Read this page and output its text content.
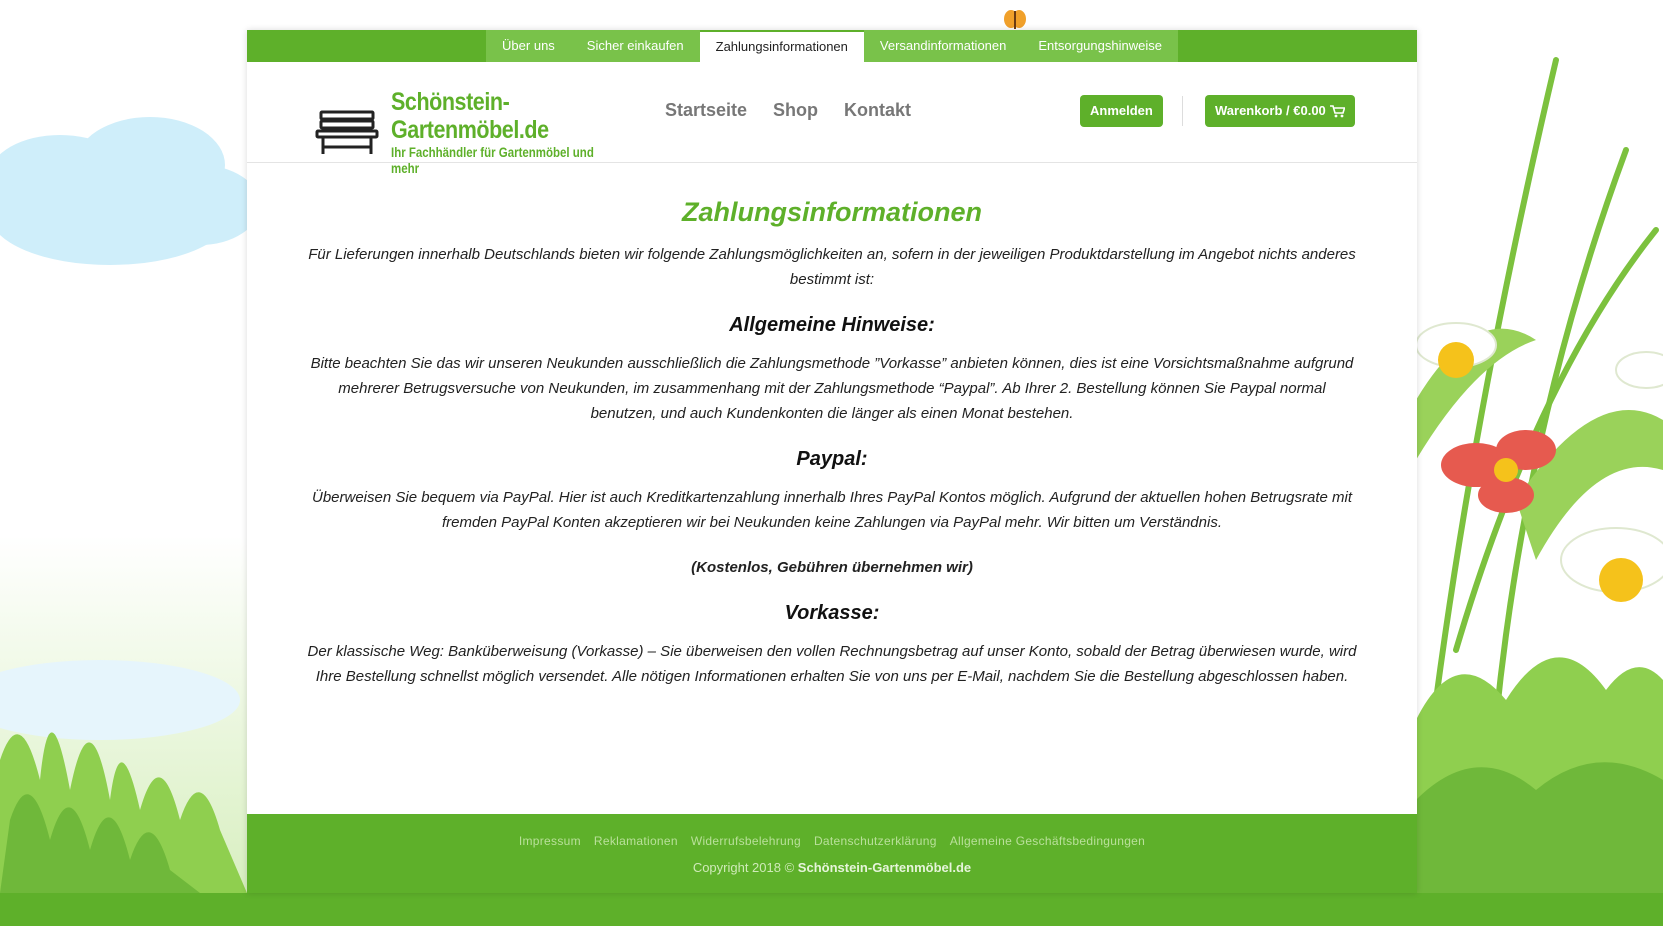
Über uns	Sicher einkaufen	Zahlungsinformationen	Versandinformationen	Entsorgungshinweise
Schönstein-Gartenmöbel.de
Ihr Fachhändler für Gartenmöbel und mehr
Startseite Shop Kontakt	Anmelden	Warenkorb / €0.00
Zahlungsinformationen

Für Lieferungen innerhalb Deutschlands bieten wir folgende Zahlungsmöglichkeiten an, sofern in der jeweiligen Produktdarstellung im Angebot nichts anderes bestimmt ist:

Allgemeine Hinweise:

Bitte beachten Sie das wir unseren Neukunden ausschließlich die Zahlungsmethode ”Vorkasse” anbieten können, dies ist eine Vorsichtsmaßnahme aufgrund mehrerer Betrugsversuche von Neukunden, im zusammenhang mit der Zahlungsmethode “Paypal”. Ab Ihrer 2. Bestellung können Sie Paypal normal benutzen, und auch Kundenkonten die länger als einen Monat bestehen.

Paypal:

Überweisen Sie bequem via PayPal. Hier ist auch Kreditkartenzahlung innerhalb Ihres PayPal Kontos möglich. Aufgrund der aktuellen hohen Betrugsrate mit fremden PayPal Konten akzeptieren wir bei Neukunden keine Zahlungen via PayPal mehr. Wir bitten um Verständnis.

(Kostenlos, Gebühren übernehmen wir)

Vorkasse:

Der klassische Weg: Banküberweisung (Vorkasse) – Sie überweisen den vollen Rechnungsbetrag auf unser Konto, sobald der Betrag überwiesen wurde, wird Ihre Bestellung schnellst möglich versendet. Alle nötigen Informationen erhalten Sie von uns per E-Mail, nachdem Sie die Bestellung abgeschlossen haben.

Impressum Reklamationen Widerrufsbelehrung Datenschutzerklärung Allgemeine Geschäftsbedingungen
Copyright 2018 © Schönstein-Gartenmöbel.de
